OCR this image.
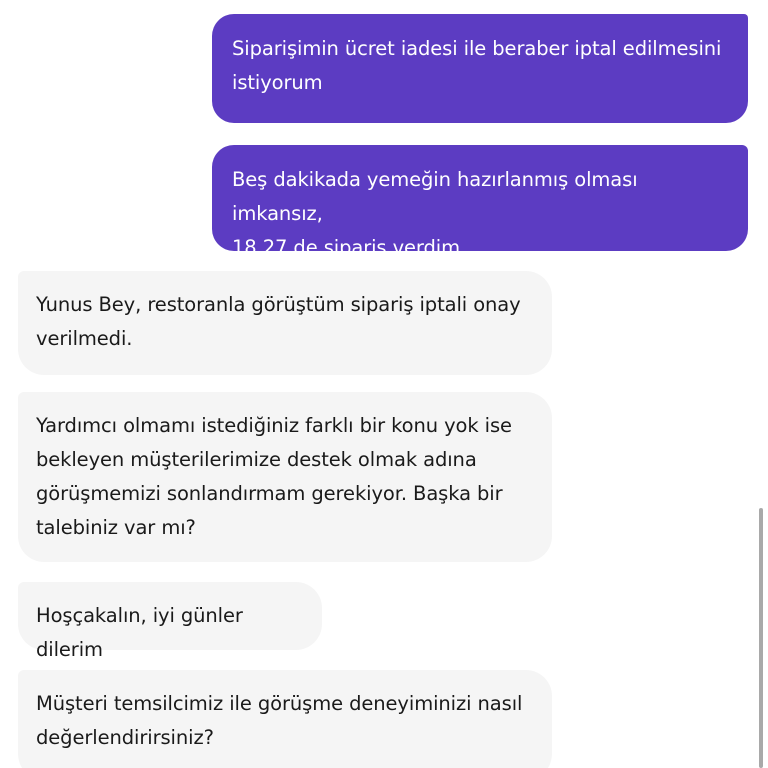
Siparişimin ücret iadesi ile beraber iptal edilmesini

istiyorum

Beş dakikada yemeğin hazırlanmış olması imkansız,

18 27 de sipariş verdim

Yunus Bey, restoranla görüştüm sipariş iptali onay

verilmedi.

Yardımcı olmamı istediğiniz farklı bir konu yok ise

bekleyen müşterilerimize destek olmak adına

görüşmemizi sonlandırmam gerekiyor. Başka bir

talebiniz var mı?

Hoşçakalın, iyi günler dilerim

Müşteri temsilcimiz ile görüşme deneyiminizi nasıl

değerlendirirsiniz?
